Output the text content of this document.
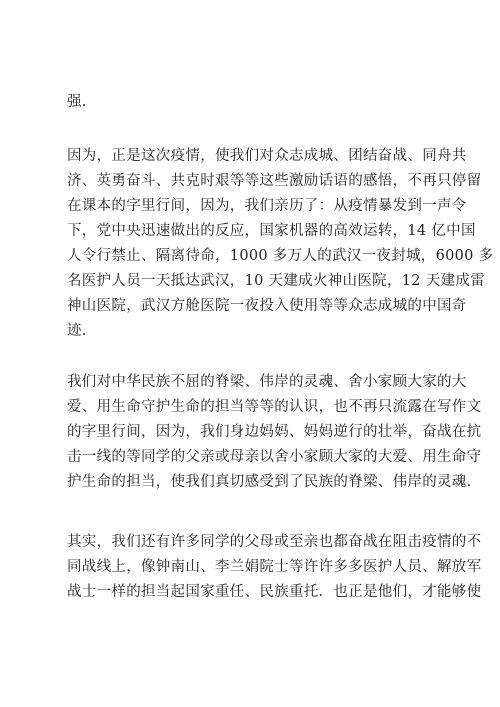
强.

因为，正是这次疫情，使我们对众志成城、团结奋战、同舟共
济、英勇奋斗、共克时艰等等这些激励话语的感悟，不再只停留
在课本的字里行间，因为，我们亲历了：从疫情暴发到一声令
下，党中央迅速做出的反应，国家机器的高效运转，14 亿中国
人令行禁止、隔离待命，1000 多万人的武汉一夜封城，6000 多
名医护人员一天抵达武汉，10 天建成火神山医院，12 天建成雷
神山医院，武汉方舱医院一夜投入使用等等众志成城的中国奇
迹.

我们对中华民族不屈的脊梁、伟岸的灵魂、舍小家顾大家的大
爱、用生命守护生命的担当等等的认识，也不再只流露在写作文
的字里行间，因为，我们身边妈妈、妈妈逆行的壮举，奋战在抗
击一线的等同学的父亲或母亲以舍小家顾大家的大爱、用生命守
护生命的担当，使我们真切感受到了民族的脊梁、伟岸的灵魂.

其实，我们还有许多同学的父母或至亲也都奋战在阻击疫情的不
同战线上，像钟南山、李兰娟院士等许许多多医护人员、解放军
战士一样的担当起国家重任、民族重托．也正是他们，才能够使
